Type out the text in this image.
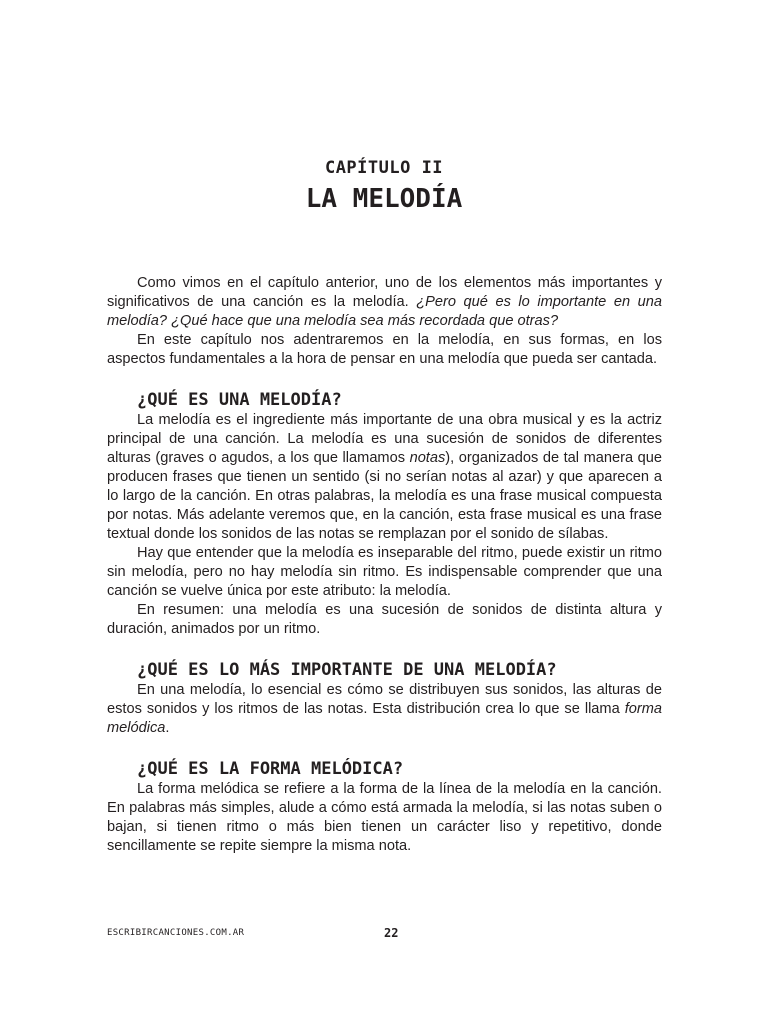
CAPÍTULO II
LA MELODÍA

Como vimos en el capítulo anterior, uno de los elementos más importantes y significativos de una canción es la melodía. ¿Pero qué es lo importante en una melodía? ¿Qué hace que una melodía sea más recordada que otras?

En este capítulo nos adentraremos en la melodía, en sus formas, en los aspectos fundamentales a la hora de pensar en una melodía que pueda ser cantada.

¿QUÉ ES UNA MELODÍA?

La melodía es el ingrediente más importante de una obra musical y es la actriz principal de una canción. La melodía es una sucesión de sonidos de diferentes alturas (graves o agudos, a los que llamamos notas), organizados de tal manera que producen frases que tienen un sentido (si no serían notas al azar) y que aparecen a lo largo de la canción. En otras palabras, la melodía es una frase musical compuesta por notas. Más adelante veremos que, en la canción, esta frase musical es una frase textual donde los sonidos de las notas se remplazan por el sonido de sílabas.

Hay que entender que la melodía es inseparable del ritmo, puede existir un ritmo sin melodía, pero no hay melodía sin ritmo. Es indispensable comprender que una canción se vuelve única por este atributo: la melodía.

En resumen: una melodía es una sucesión de sonidos de distinta altura y duración, animados por un ritmo.

¿QUÉ ES LO MÁS IMPORTANTE DE UNA MELODÍA?

En una melodía, lo esencial es cómo se distribuyen sus sonidos, las alturas de estos sonidos y los ritmos de las notas. Esta distribución crea lo que se llama forma melódica.

¿QUÉ ES LA FORMA MELÓDICA?

La forma melódica se refiere a la forma de la línea de la melodía en la canción. En palabras más simples, alude a cómo está armada la melodía, si las notas suben o bajan, si tienen ritmo o más bien tienen un carácter liso y repetitivo, donde sencillamente se repite siempre la misma nota.

ESCRIBIRCANCIONES.COM.AR	22
